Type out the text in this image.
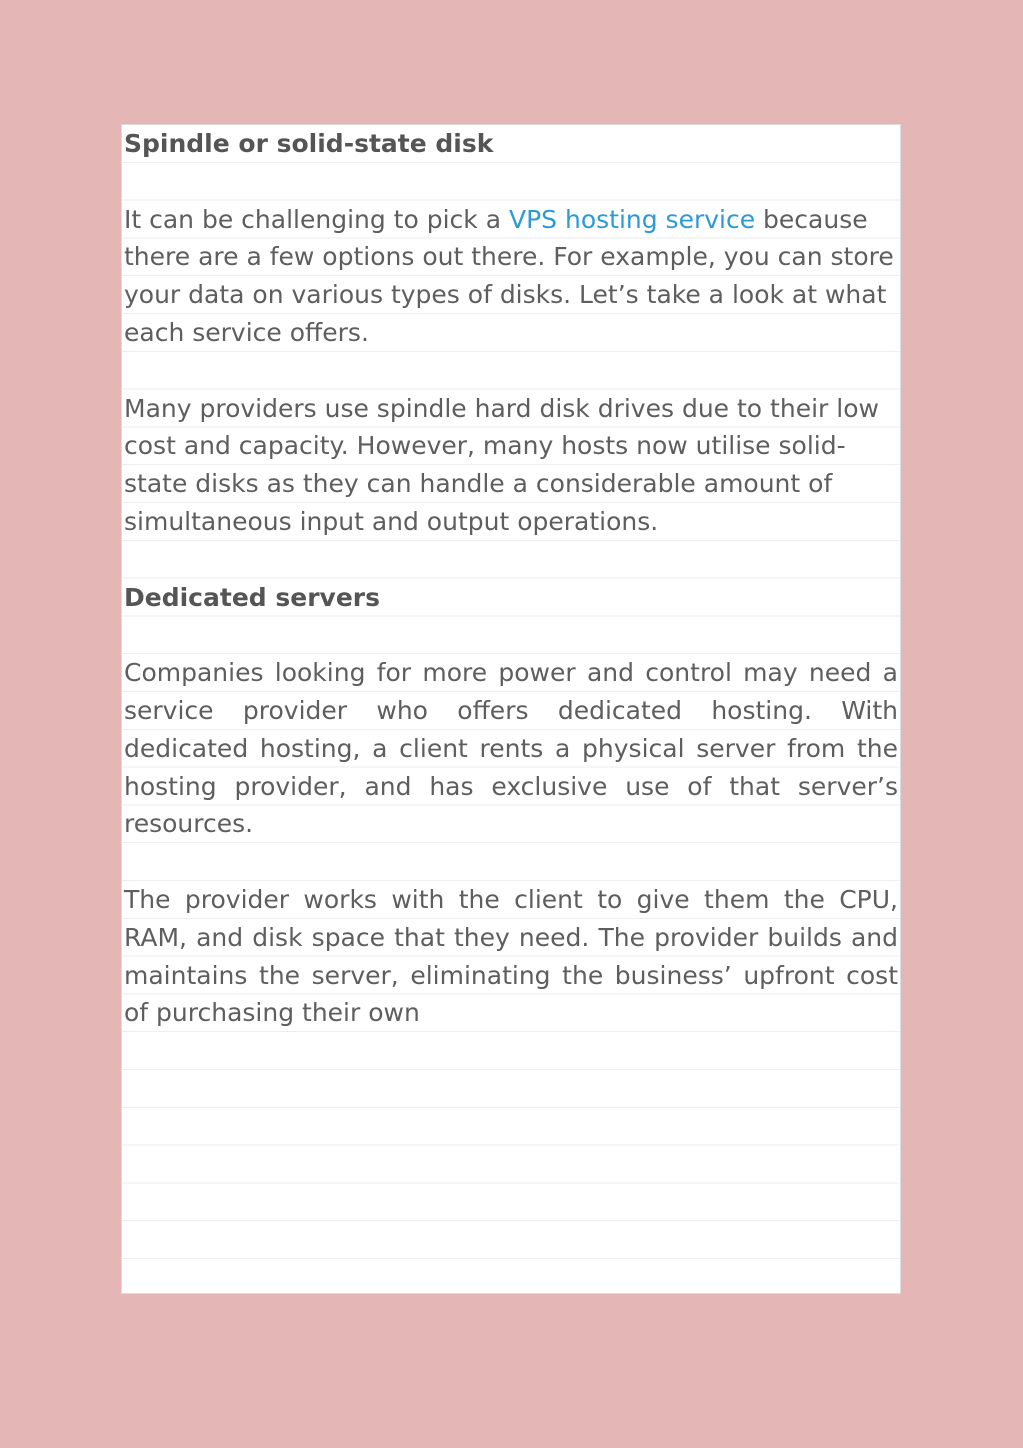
Spindle or solid-state disk

It can be challenging to pick a VPS hosting service because there are a few options out there. For example, you can store your data on various types of disks. Let’s take a look at what each service offers.

Many providers use spindle hard disk drives due to their low cost and capacity. However, many hosts now utilise solid-state disks as they can handle a considerable amount of simultaneous input and output operations.

Dedicated servers

Companies looking for more power and control may need a service provider who offers dedicated hosting. With dedicated hosting, a client rents a physical server from the hosting provider, and has exclusive use of that server’s resources.

The provider works with the client to give them the CPU, RAM, and disk space that they need. The provider builds and maintains the server, eliminating the business’ upfront cost of purchasing their own
